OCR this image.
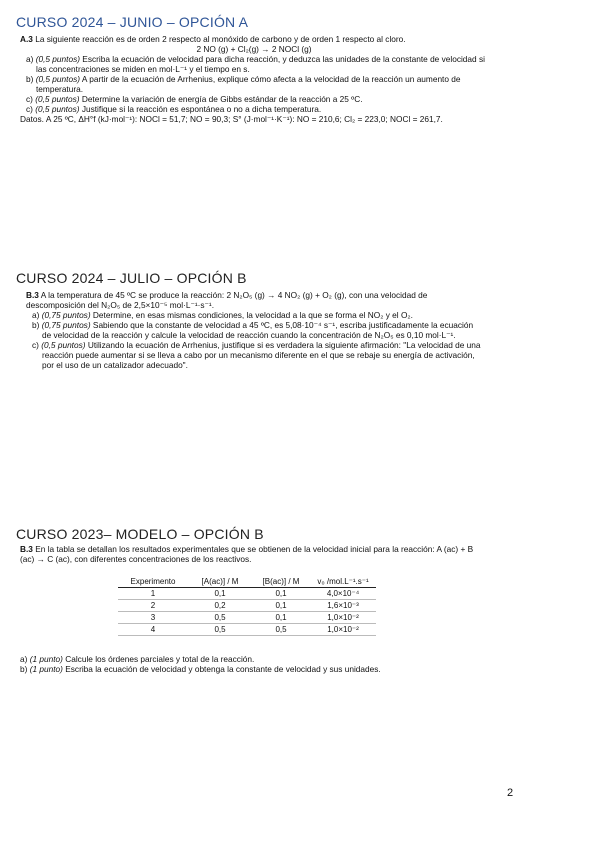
CURSO 2024 – JUNIO – OPCIÓN A

A.3 La siguiente reacción es de orden 2 respecto al monóxido de carbono y de orden 1 respecto al cloro.

2 NO (g) + Cl₂(g) → 2 NOCl (g)

a) (0,5 puntos) Escriba la ecuación de velocidad para dicha reacción, y deduzca las unidades de la constante de velocidad si las concentraciones se miden en mol·L⁻¹ y el tiempo en s.

b) (0,5 puntos) A partir de la ecuación de Arrhenius, explique cómo afecta a la velocidad de la reacción un aumento de temperatura.

c) (0,5 puntos) Determine la variación de energía de Gibbs estándar de la reacción a 25 ºC.

c) (0,5 puntos) Justifique si la reacción es espontánea o no a dicha temperatura.

Datos. A 25 ºC, ΔH°f (kJ·mol⁻¹): NOCl = 51,7; NO = 90,3; S° (J·mol⁻¹·K⁻¹): NO = 210,6; Cl₂ = 223,0; NOCl = 261,7.

CURSO 2024 – JULIO – OPCIÓN B

B.3 A la temperatura de 45 ºC se produce la reacción: 2 N₂O₅ (g) → 4 NO₂ (g) + O₂ (g), con una velocidad de descomposición del N₂O₅ de 2,5×10⁻⁵ mol·L⁻¹·s⁻¹.

a) (0,75 puntos) Determine, en esas mismas condiciones, la velocidad a la que se forma el NO₂ y el O₂.

b) (0,75 puntos) Sabiendo que la constante de velocidad a 45 ºC, es 5,08·10⁻⁴ s⁻¹, escriba justificadamente la ecuación de velocidad de la reacción y calcule la velocidad de reacción cuando la concentración de N₂O₅ es 0,10 mol·L⁻¹.

c) (0,5 puntos) Utilizando la ecuación de Arrhenius, justifique si es verdadera la siguiente afirmación: "La velocidad de una reacción puede aumentar si se lleva a cabo por un mecanismo diferente en el que se rebaje su energía de activación, por el uso de un catalizador adecuado".

CURSO 2023– MODELO – OPCIÓN B

B.3 En la tabla se detallan los resultados experimentales que se obtienen de la velocidad inicial para la reacción: A (ac) + B (ac) → C (ac), con diferentes concentraciones de los reactivos.

Experimento	[A(ac)] / M	[B(ac)] / M	v₀ /mol.L⁻¹.s⁻¹
1	0,1	0,1	4,0×10⁻⁴
2	0,2	0,1	1,6×10⁻³
3	0,5	0,1	1,0×10⁻²
4	0,5	0,5	1,0×10⁻²

a) (1 punto) Calcule los órdenes parciales y total de la reacción.

b) (1 punto) Escriba la ecuación de velocidad y obtenga la constante de velocidad y sus unidades.

2
